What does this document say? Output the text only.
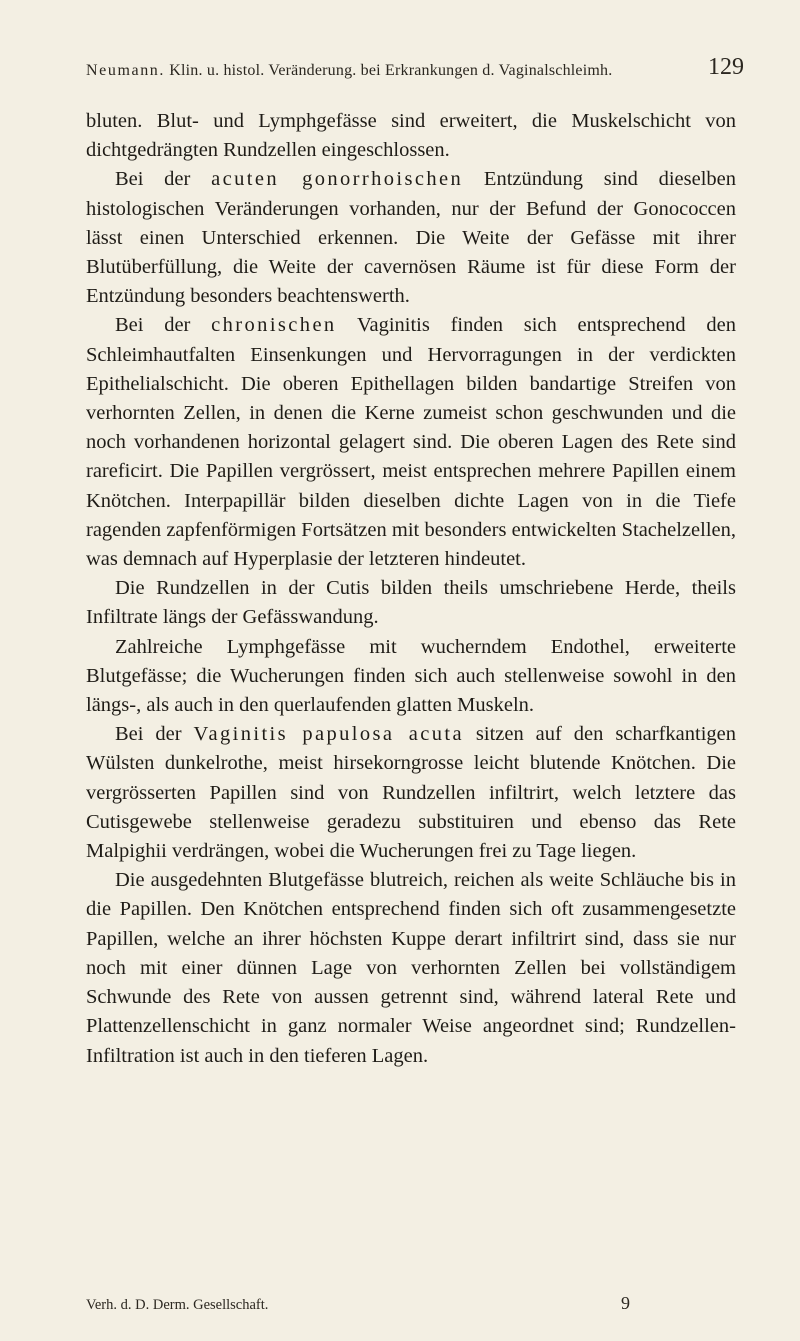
Neumann. Klin. u. histol. Veränderung. bei Erkrankungen d. Vaginalschleimh.	129

bluten. Blut- und Lymphgefässe sind erweitert, die Muskelschicht von dichtgedrängten Rundzellen eingeschlossen.

Bei der acuten gonorrhoischen Entzündung sind dieselben histologischen Veränderungen vorhanden, nur der Befund der Gonococcen lässt einen Unterschied erkennen. Die Weite der Gefässe mit ihrer Blutüberfüllung, die Weite der cavernösen Räume ist für diese Form der Entzündung besonders beachtenswerth.

Bei der chronischen Vaginitis finden sich entsprechend den Schleimhautfalten Einsenkungen und Hervorragungen in der verdickten Epithelialschicht. Die oberen Epithellagen bilden bandartige Streifen von verhornten Zellen, in denen die Kerne zumeist schon geschwunden und die noch vorhandenen horizontal gelagert sind. Die oberen Lagen des Rete sind rareficirt. Die Papillen vergrössert, meist entsprechen mehrere Papillen einem Knötchen. Interpapillär bilden dieselben dichte Lagen von in die Tiefe ragenden zapfenförmigen Fortsätzen mit besonders entwickelten Stachelzellen, was demnach auf Hyperplasie der letzteren hindeutet.

Die Rundzellen in der Cutis bilden theils umschriebene Herde, theils Infiltrate längs der Gefässwandung.

Zahlreiche Lymphgefässe mit wucherndem Endothel, erweiterte Blutgefässe; die Wucherungen finden sich auch stellenweise sowohl in den längs-, als auch in den querlaufenden glatten Muskeln.

Bei der Vaginitis papulosa acuta sitzen auf den scharfkantigen Wülsten dunkelrothe, meist hirsekorngrosse leicht blutende Knötchen. Die vergrösserten Papillen sind von Rundzellen infiltrirt, welch letztere das Cutisgewebe stellenweise geradezu substituiren und ebenso das Rete Malpighii verdrängen, wobei die Wucherungen frei zu Tage liegen.

Die ausgedehnten Blutgefässe blutreich, reichen als weite Schläuche bis in die Papillen. Den Knötchen entsprechend finden sich oft zusammengesetzte Papillen, welche an ihrer höchsten Kuppe derart infiltrirt sind, dass sie nur noch mit einer dünnen Lage von verhornten Zellen bei vollständigem Schwunde des Rete von aussen getrennt sind, während lateral Rete und Plattenzellenschicht in ganz normaler Weise angeordnet sind; Rundzellen-Infiltration ist auch in den tieferen Lagen.

Verh. d. D. Derm. Gesellschaft.	9
